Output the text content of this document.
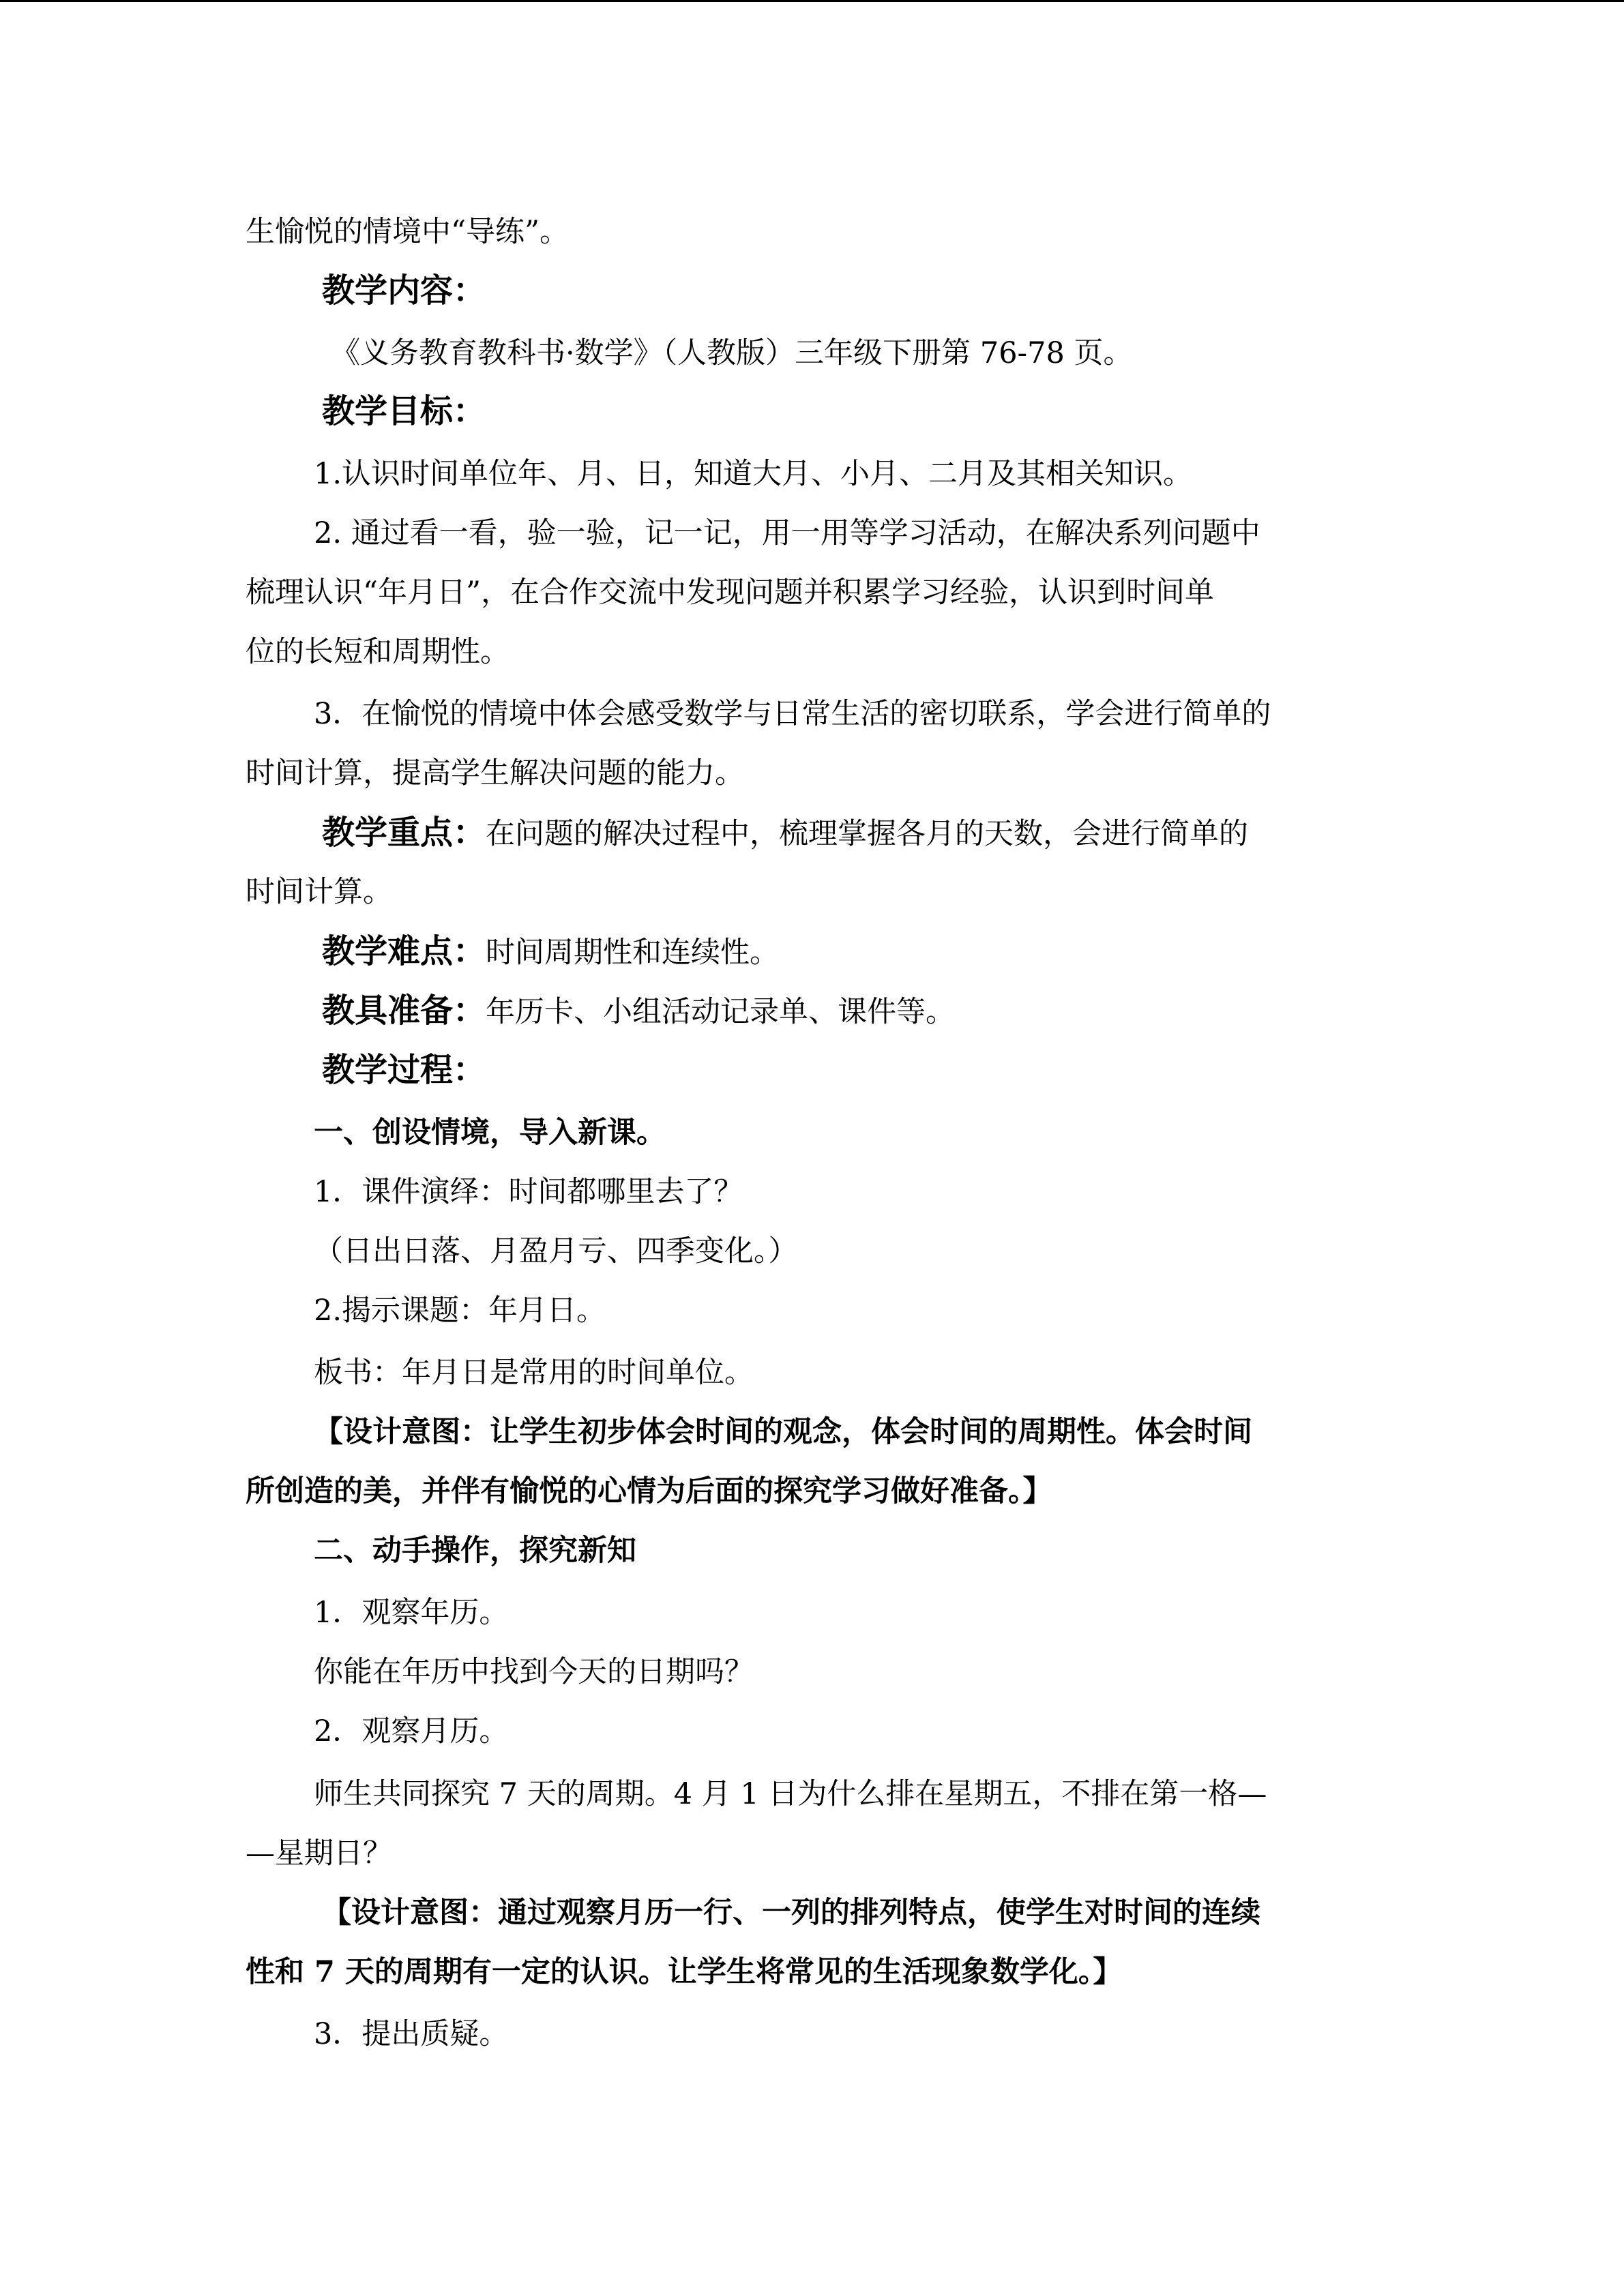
生愉悦的情境中“导练”。
教学内容：
《义务教育教科书·数学》（人教版）三年级下册第 76-78 页。
教学目标：
1.认识时间单位年、月、日，知道大月、小月、二月及其相关知识。
2. 通过看一看，验一验，记一记，用一用等学习活动，在解决系列问题中
梳理认识“年月日”，在合作交流中发现问题并积累学习经验，认识到时间单
位的长短和周期性。
3．在愉悦的情境中体会感受数学与日常生活的密切联系，学会进行简单的
时间计算，提高学生解决问题的能力。
教学重点：在问题的解决过程中，梳理掌握各月的天数，会进行简单的
时间计算。
教学难点：时间周期性和连续性。
教具准备：年历卡、小组活动记录单、课件等。
教学过程：
一、创设情境，导入新课。
1．课件演绎：时间都哪里去了？
（日出日落、月盈月亏、四季变化。）
2.揭示课题：年月日。
板书：年月日是常用的时间单位。
【设计意图：让学生初步体会时间的观念，体会时间的周期性。体会时间
所创造的美，并伴有愉悦的心情为后面的探究学习做好准备。】
二、动手操作，探究新知
1．观察年历。
你能在年历中找到今天的日期吗？
2．观察月历。
师生共同探究 7 天的周期。4 月 1 日为什么排在星期五，不排在第一格—
—星期日？
【设计意图：通过观察月历一行、一列的排列特点，使学生对时间的连续
性和 7 天的周期有一定的认识。让学生将常见的生活现象数学化。】
3．提出质疑。
